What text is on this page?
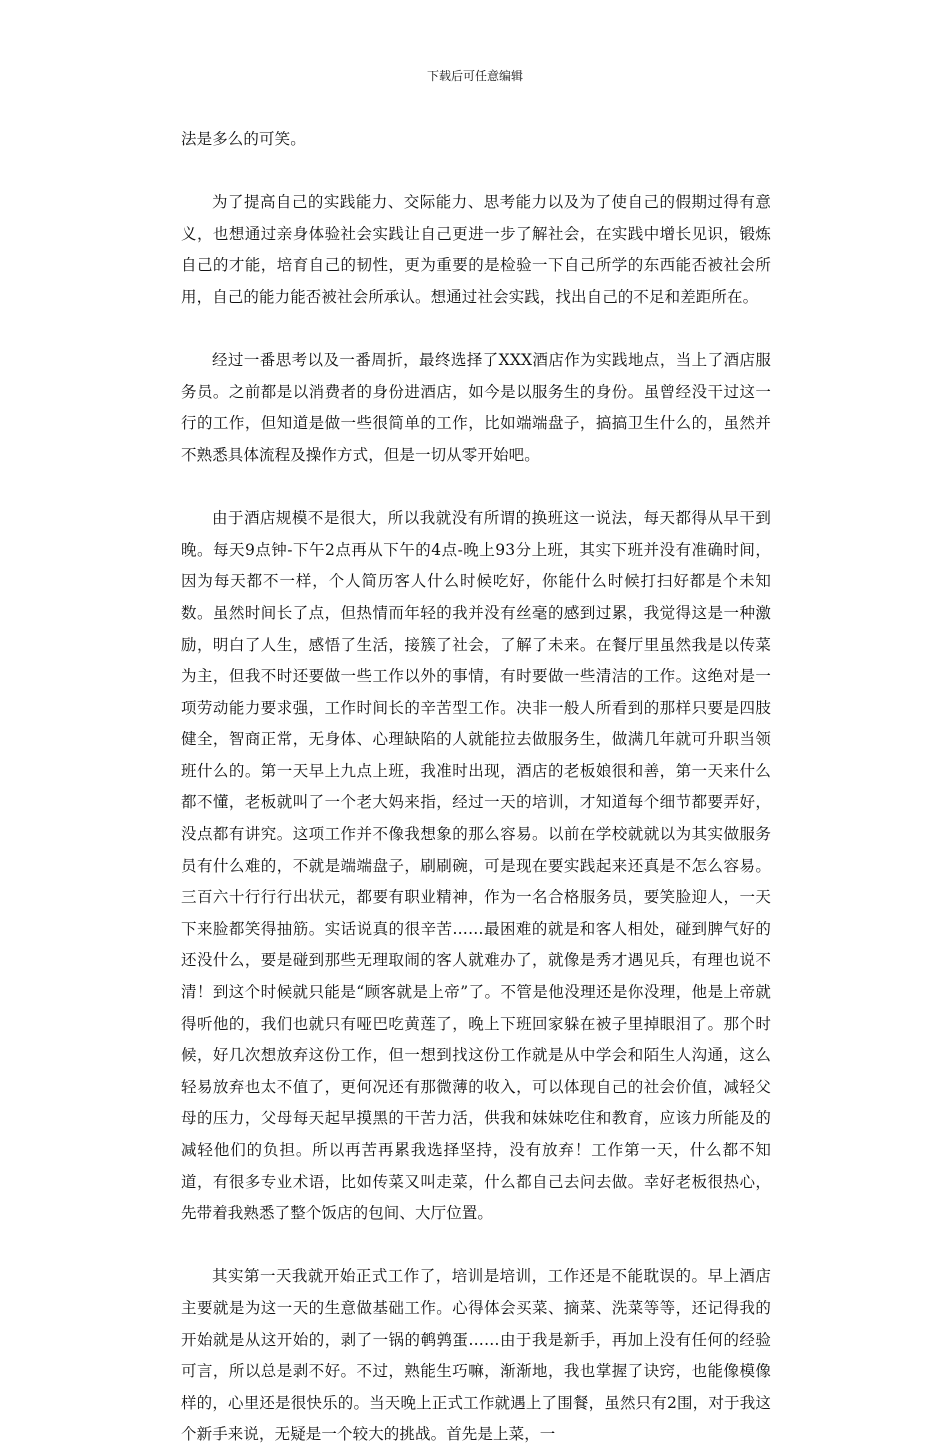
下载后可任意编辑

法是多么的可笑。

为了提高自己的实践能力、交际能力、思考能力以及为了使自己的假期过得有意义，也想通过亲身体验社会实践让自己更进一步了解社会，在实践中增长见识，锻炼自己的才能，培育自己的韧性，更为重要的是检验一下自己所学的东西能否被社会所用，自己的能力能否被社会所承认。想通过社会实践，找出自己的不足和差距所在。

经过一番思考以及一番周折，最终选择了XXX酒店作为实践地点，当上了酒店服务员。之前都是以消费者的身份进酒店，如今是以服务生的身份。虽曾经没干过这一行的工作，但知道是做一些很简单的工作，比如端端盘子，搞搞卫生什么的，虽然并不熟悉具体流程及操作方式，但是一切从零开始吧。

由于酒店规模不是很大，所以我就没有所谓的换班这一说法，每天都得从早干到晚。每天9点钟-下午2点再从下午的4点-晚上93分上班，其实下班并没有准确时间，因为每天都不一样，个人简历客人什么时候吃好，你能什么时候打扫好都是个未知数。虽然时间长了点，但热情而年轻的我并没有丝毫的感到过累，我觉得这是一种激励，明白了人生，感悟了生活，接簇了社会，了解了未来。在餐厅里虽然我是以传菜为主，但我不时还要做一些工作以外的事情，有时要做一些清洁的工作。这绝对是一项劳动能力要求强，工作时间长的辛苦型工作。决非一般人所看到的那样只要是四肢健全，智商正常，无身体、心理缺陷的人就能拉去做服务生，做满几年就可升职当领班什么的。第一天早上九点上班，我准时出现，酒店的老板娘很和善，第一天来什么都不懂，老板就叫了一个老大妈来指，经过一天的培训，才知道每个细节都要弄好，没点都有讲究。这项工作并不像我想象的那么容易。以前在学校就就以为其实做服务员有什么难的，不就是端端盘子，刷刷碗，可是现在要实践起来还真是不怎么容易。三百六十行行行出状元，都要有职业精神，作为一名合格服务员，要笑脸迎人，一天下来脸都笑得抽筋。实话说真的很辛苦……最困难的就是和客人相处，碰到脾气好的还没什么，要是碰到那些无理取闹的客人就难办了，就像是秀才遇见兵，有理也说不清！到这个时候就只能是“顾客就是上帝”了。不管是他没理还是你没理，他是上帝就得听他的，我们也就只有哑巴吃黄莲了，晚上下班回家躲在被子里掉眼泪了。那个时候，好几次想放弃这份工作，但一想到找这份工作就是从中学会和陌生人沟通，这么轻易放弃也太不值了，更何况还有那微薄的收入，可以体现自己的社会价值，减轻父母的压力，父母每天起早摸黑的干苦力活，供我和妹妹吃住和教育，应该力所能及的减轻他们的负担。所以再苦再累我选择坚持，没有放弃！工作第一天，什么都不知道，有很多专业术语，比如传菜又叫走菜，什么都自己去问去做。幸好老板很热心，先带着我熟悉了整个饭店的包间、大厅位置。

其实第一天我就开始正式工作了，培训是培训，工作还是不能耽误的。早上酒店主要就是为这一天的生意做基础工作。心得体会买菜、摘菜、洗菜等等，还记得我的开始就是从这开始的，剥了一锅的鹌鹑蛋……由于我是新手，再加上没有任何的经验可言，所以总是剥不好。不过，熟能生巧嘛，渐渐地，我也掌握了诀窍，也能像模像样的，心里还是很快乐的。当天晚上正式工作就遇上了围餐，虽然只有2围，对于我这个新手来说，无疑是一个较大的挑战。首先是上菜，一
